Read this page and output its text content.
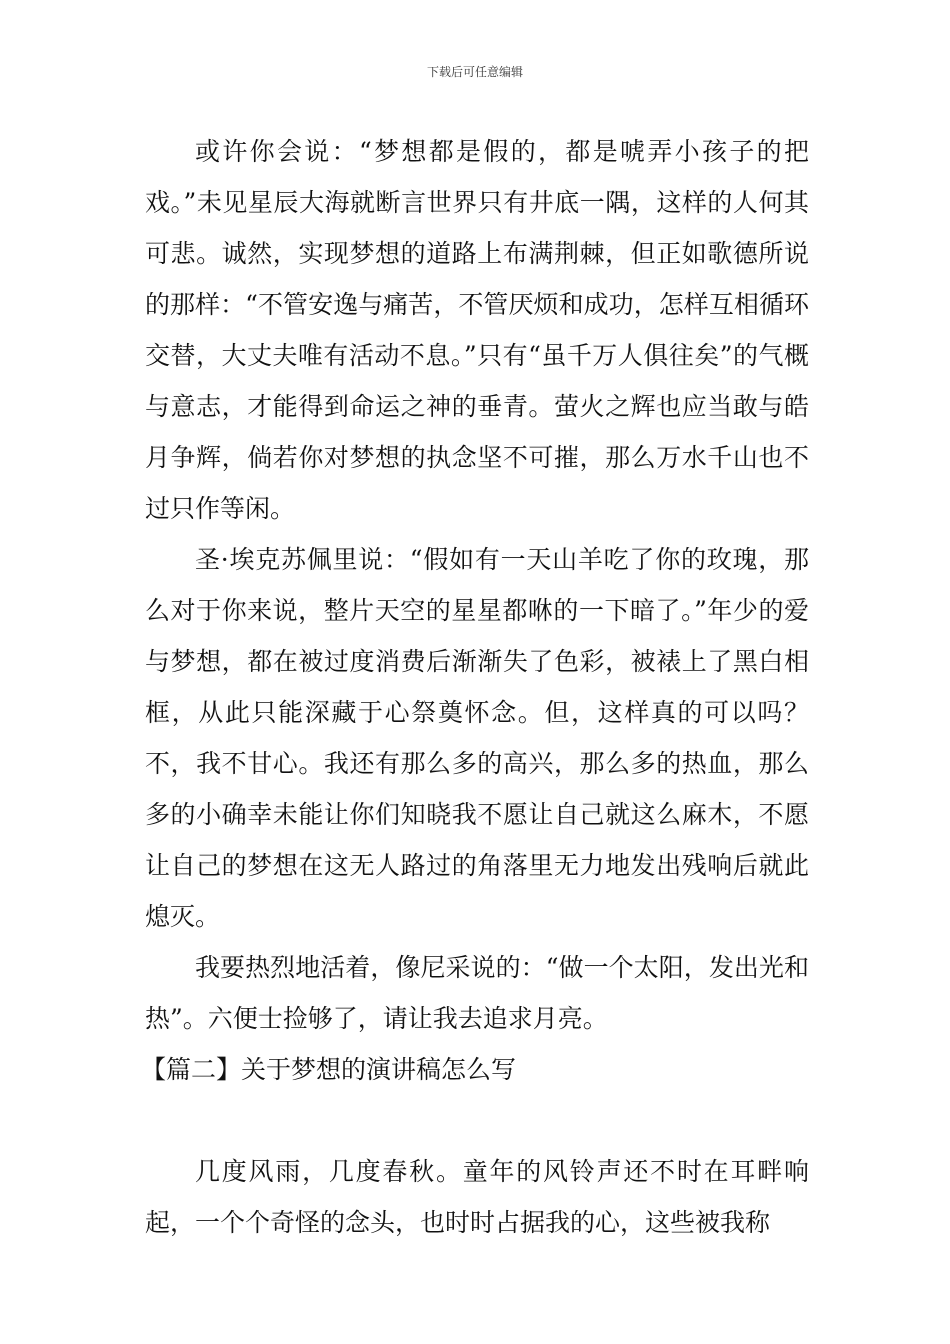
下载后可任意编辑

或许你会说：“梦想都是假的，都是唬弄小孩子的把戏。”未见星辰大海就断言世界只有井底一隅，这样的人何其可悲。诚然，实现梦想的道路上布满荆棘，但正如歌德所说的那样：“不管安逸与痛苦，不管厌烦和成功，怎样互相循环交替，大丈夫唯有活动不息。”只有“虽千万人俱往矣”的气概与意志，才能得到命运之神的垂青。萤火之辉也应当敢与皓月争辉，倘若你对梦想的执念坚不可摧，那么万水千山也不过只作等闲。

圣·埃克苏佩里说：“假如有一天山羊吃了你的玫瑰，那么对于你来说，整片天空的星星都咻的一下暗了。”年少的爱与梦想，都在被过度消费后渐渐失了色彩，被裱上了黑白相框，从此只能深藏于心祭奠怀念。但，这样真的可以吗？不，我不甘心。我还有那么多的高兴，那么多的热血，那么多的小确幸未能让你们知晓我不愿让自己就这么麻木，不愿让自己的梦想在这无人路过的角落里无力地发出残响后就此熄灭。

我要热烈地活着，像尼采说的：“做一个太阳，发出光和热”。六便士捡够了，请让我去追求月亮。

【篇二】关于梦想的演讲稿怎么写

几度风雨，几度春秋。童年的风铃声还不时在耳畔响起，一个个奇怪的念头，也时时占据我的心，这些被我称
